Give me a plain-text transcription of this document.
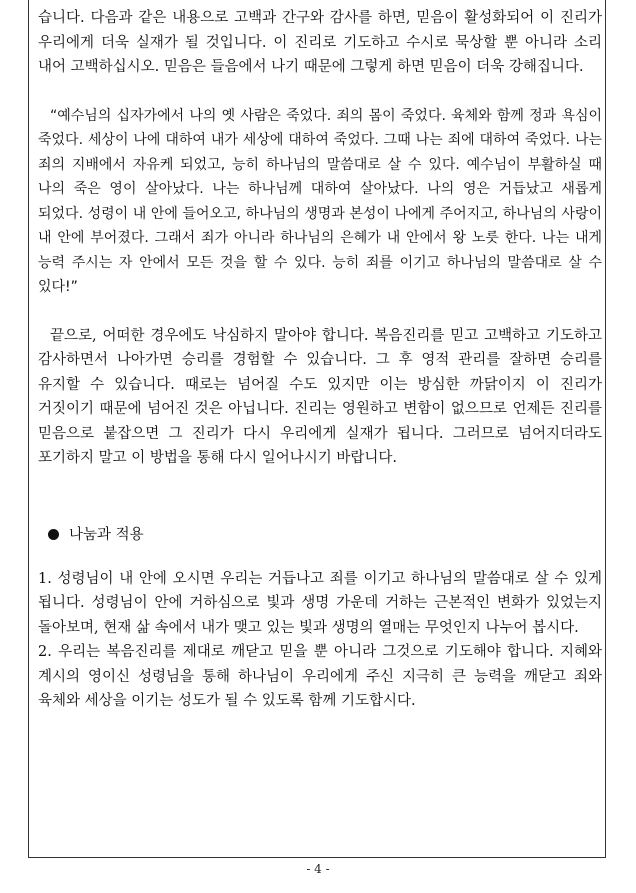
습니다. 다음과 같은 내용으로 고백과 간구와 감사를 하면, 믿음이 활성화되어 이 진리가 우리에게 더욱 실재가 될 것입니다. 이 진리로 기도하고 수시로 묵상할 뿐 아니라 소리 내어 고백하십시오. 믿음은 들음에서 나기 때문에 그렇게 하면 믿음이 더욱 강해집니다.

“예수님의 십자가에서 나의 옛 사람은 죽었다. 죄의 몸이 죽었다. 육체와 함께 정과 욕심이 죽었다. 세상이 나에 대하여 내가 세상에 대하여 죽었다. 그때 나는 죄에 대하여 죽었다. 나는 죄의 지배에서 자유케 되었고, 능히 하나님의 말씀대로 살 수 있다. 예수님이 부활하실 때 나의 죽은 영이 살아났다. 나는 하나님께 대하여 살아났다. 나의 영은 거듭났고 새롭게 되었다. 성령이 내 안에 들어오고, 하나님의 생명과 본성이 나에게 주어지고, 하나님의 사랑이 내 안에 부어졌다. 그래서 죄가 아니라 하나님의 은혜가 내 안에서 왕 노릇 한다. 나는 내게 능력 주시는 자 안에서 모든 것을 할 수 있다. 능히 죄를 이기고 하나님의 말씀대로 살 수 있다!”

끝으로, 어떠한 경우에도 낙심하지 말아야 합니다. 복음진리를 믿고 고백하고 기도하고 감사하면서 나아가면 승리를 경험할 수 있습니다. 그 후 영적 관리를 잘하면 승리를 유지할 수 있습니다. 때로는 넘어질 수도 있지만 이는 방심한 까닭이지 이 진리가 거짓이기 때문에 넘어진 것은 아닙니다. 진리는 영원하고 변함이 없으므로 언제든 진리를 믿음으로 붙잡으면 그 진리가 다시 우리에게 실재가 됩니다. 그러므로 넘어지더라도 포기하지 말고 이 방법을 통해 다시 일어나시기 바랍니다.

나눔과 적용

1. 성령님이 내 안에 오시면 우리는 거듭나고 죄를 이기고 하나님의 말씀대로 살 수 있게 됩니다. 성령님이 안에 거하심으로 빛과 생명 가운데 거하는 근본적인 변화가 있었는지 돌아보며, 현재 삶 속에서 내가 맺고 있는 빛과 생명의 열매는 무엇인지 나누어 봅시다.

2. 우리는 복음진리를 제대로 깨닫고 믿을 뿐 아니라 그것으로 기도해야 합니다. 지혜와 계시의 영이신 성령님을 통해 하나님이 우리에게 주신 지극히 큰 능력을 깨닫고 죄와 육체와 세상을 이기는 성도가 될 수 있도록 함께 기도합시다.

- 4 -
